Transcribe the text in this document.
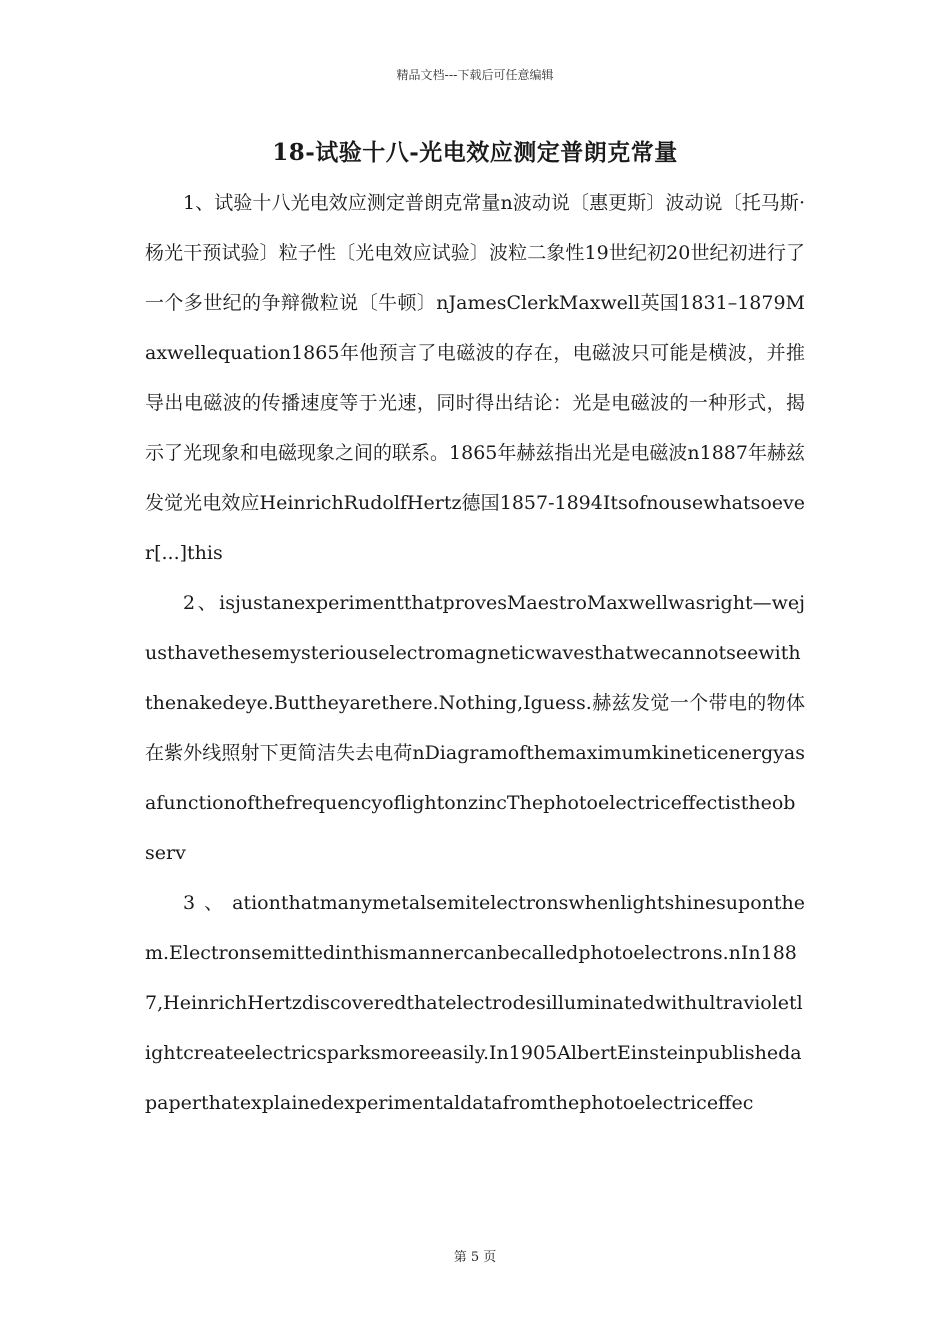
精品文档---下载后可任意编辑
18-试验十八-光电效应测定普朗克常量

1、试验十八光电效应测定普朗克常量n波动说〔惠更斯〕波动说〔托马斯·杨光干预试验〕粒子性〔光电效应试验〕波粒二象性19世纪初20世纪初进行了一个多世纪的争辩微粒说〔牛顿〕nJamesClerkMaxwell英国1831–1879Maxwellequation1865年他预言了电磁波的存在，电磁波只可能是横波，并推导出电磁波的传播速度等于光速，同时得出结论：光是电磁波的一种形式，揭示了光现象和电磁现象之间的联系。1865年赫兹指出光是电磁波n1887年赫兹发觉光电效应HeinrichRudolfHertz德国1857-1894Itsofnousewhatsoever[...]this

2、isjustanexperimentthatprovesMaestroMaxwellwasright—wejusthavethesemysteriouselectromagneticwavesthatwecannotseewiththenakedeye.Buttheyarethere.Nothing,Iguess.赫兹发觉一个带电的物体在紫外线照射下更简洁失去电荷nDiagramofthemaximumkineticenergyasafunctionofthefrequencyoflightonzincThephotoelectriceffectistheobserv

3、ationthatmanymetalsemitelectronswhenlightshinesuponthem.Electronsemittedinthismannercanbecalledphotoelectrons.nIn1887,HeinrichHertzdiscoveredthatelectrodesilluminatedwithultravioletlightcreateelectricsparksmoreeasily.In1905AlbertEinsteinpublishedapaperthatexplainedexperimentaldatafromthephotoelectriceffec

第 5 页
